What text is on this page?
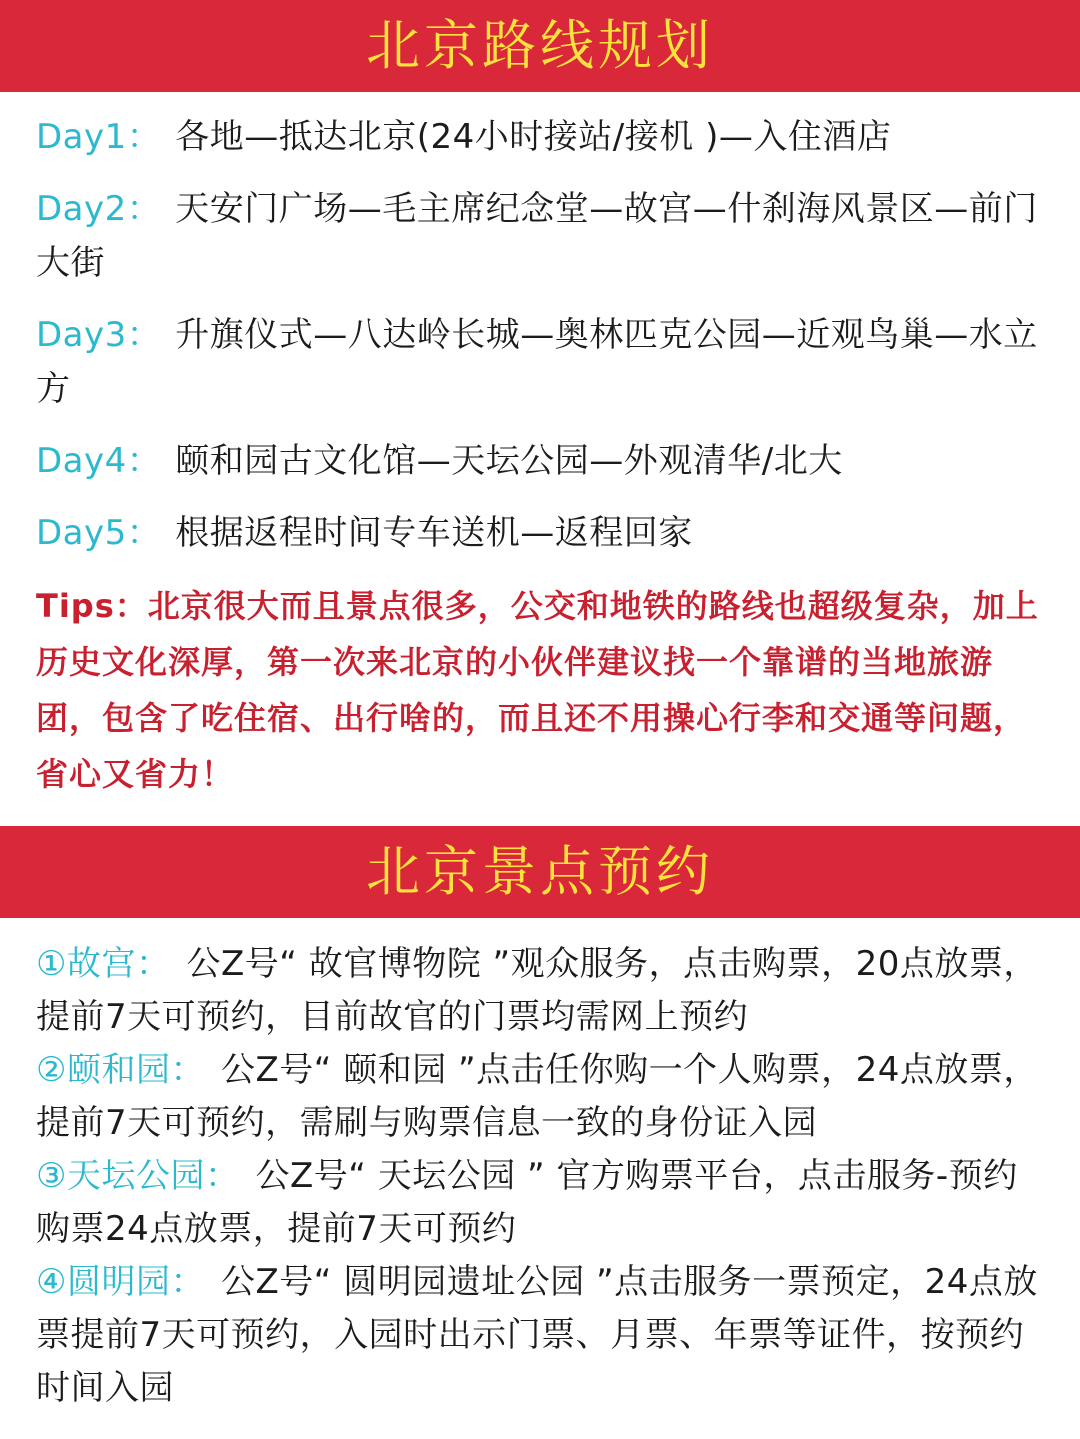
北京路线规划
Day1： 各地—抵达北京(24小时接站/接机 )—入住酒店
Day2： 天安门广场—毛主席纪念堂—故宫—什刹海风景区—前门大街
Day3： 升旗仪式—八达岭长城—奥林匹克公园—近观鸟巢—水立方
Day4： 颐和园古文化馆—天坛公园—外观清华/北大
Day5： 根据返程时间专车送机—返程回家
Tips：北京很大而且景点很多，公交和地铁的路线也超级复杂，加上历史文化深厚，第一次来北京的小伙伴建议找一个靠谱的当地旅游团，包含了吃住宿、出行啥的，而且还不用操心行李和交通等问题，省心又省力！
北京景点预约
①故宫： 公Z号“ 故官博物院 ”观众服务，点击购票，20点放票，提前7天可预约，目前故官的门票均需网上预约
②颐和园： 公Z号“ 颐和园 ”点击任你购一个人购票，24点放票，提前7天可预约，需刷与购票信息一致的身份证入园
③天坛公园： 公Z号“ 天坛公园 ” 官方购票平台，点击服务-预约购票24点放票，提前7天可预约
④圆明园： 公Z号“ 圆明园遗址公园 ”点击服务一票预定，24点放票提前7天可预约，入园时出示门票、月票、年票等证件，按预约时间入园
